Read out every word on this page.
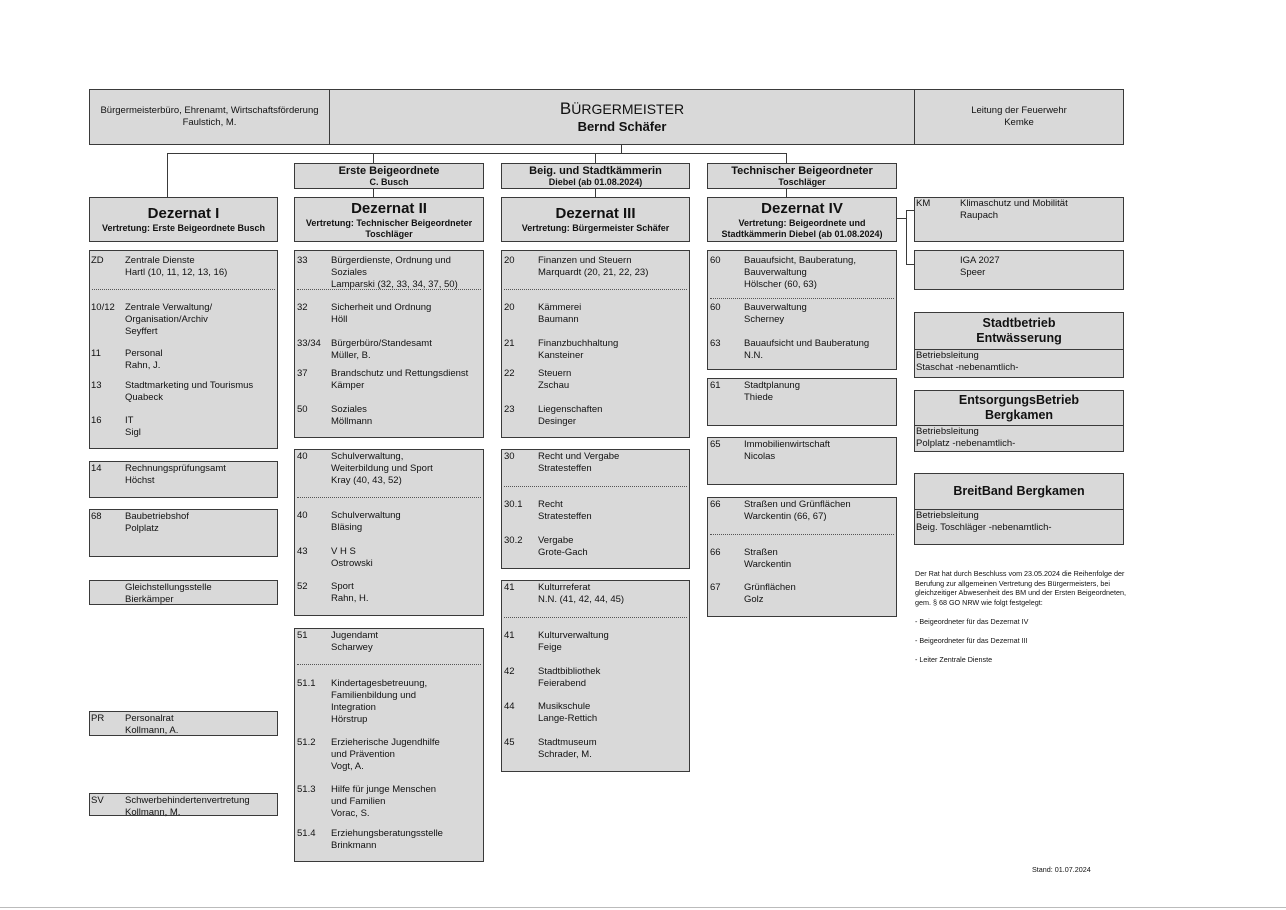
Bürgermeisterbüro, Ehrenamt, Wirtschaftsförderung
Faulstich, M.
BÜRGERMEISTER
Bernd Schäfer
Leitung der Feuerwehr
Kemke
Erste Beigeordnete
C. Busch
Beig. und Stadtkämmerin
Diebel (ab 01.08.2024)
Technischer Beigeordneter
Toschläger
Dezernat I
Vertretung: Erste Beigeordnete Busch
Dezernat II
Vertretung: Technischer Beigeordneter
Toschläger
Dezernat III
Vertretung: Bürgermeister Schäfer
Dezernat IV
Vertretung: Beigeordnete und
Stadtkämmerin Diebel (ab 01.08.2024)
ZD Zentrale Dienste
Hartl (10, 11, 12, 13, 16)
10/12 Zentrale Verwaltung/
Organisation/Archiv
Seyffert
11	Personal
Rahn, J.
13 Stadtmarketing und Tourismus
Quabeck
16 IT
Sigl
14 Rechnungsprüfungsamt
Höchst
68 Baubetriebshof
Polplatz
Gleichstellungsstelle
Bierkämper
PR Personalrat
Kollmann, A.
SV Schwerbehindertenvertretung
Kollmann, M.
33 Bürgerdienste, Ordnung und
Soziales
Lamparski (32, 33, 34, 37, 50)
32 Sicherheit und Ordnung
Höll
33/34 Bürgerbüro/Standesamt
Müller, B.
37 Brandschutz und Rettungsdienst
Kämper
50 Soziales
Möllmann
40 Schulverwaltung,
Weiterbildung und Sport
Kray (40, 43, 52)
40 Schulverwaltung
Bläsing
43 V H S
Ostrowski
52 Sport
Rahn, H.
51 Jugendamt
Scharwey
51.1 Kindertagesbetreuung,
Familienbildung und
Integration
Hörstrup
51.2 Erzieherische Jugendhilfe
und Prävention
Vogt, A.
51.3 Hilfe für junge Menschen
und Familien
Vorac, S.
51.4 Erziehungsberatungsstelle
Brinkmann
20 Finanzen und Steuern
Marquardt (20, 21, 22, 23)
20 Kämmerei
Baumann
21 Finanzbuchhaltung
Kansteiner
22 Steuern
Zschau
23 Liegenschaften
Desinger
30 Recht und Vergabe
Stratesteffen
30.1 Recht
Stratesteffen
30.2 Vergabe
Grote-Gach
41 Kulturreferat
N.N. (41, 42, 44, 45)
41 Kulturverwaltung
Feige
42 Stadtbibliothek
Feierabend
44 Musikschule
Lange-Rettich
45 Stadtmuseum
Schrader, M.
60 Bauaufsicht, Bauberatung,
Bauverwaltung
Hölscher (60, 63)
60 Bauverwaltung
Scherney
63 Bauaufsicht und Bauberatung
N.N.
61 Stadtplanung
Thiede
65 Immobilienwirtschaft
Nicolas
66 Straßen und Grünflächen
Warckentin (66, 67)
66 Straßen
Warckentin
67 Grünflächen
Golz
KM	Klimaschutz und Mobilität
Raupach
IGA 2027
Speer
Stadtbetrieb
Entwässerung
Betriebsleitung
Staschat -nebenamtlich-
EntsorgungsBetrieb
Bergkamen
Betriebsleitung
Polplatz -nebenamtlich-
BreitBand Bergkamen
Betriebsleitung
Beig. Toschläger -nebenamtlich-
Der Rat hat durch Beschluss vom 23.05.2024 die Reihenfolge der
Berufung zur allgemeinen Vertretung des Bürgermeisters, bei
gleichzeitiger Abwesenheit des BM und der Ersten Beigeordneten,
gem. § 68 GO NRW wie folgt festgelegt:

- Beigeordneter für das Dezernat IV

- Beigeordneter für das Dezernat III

- Leiter Zentrale Dienste
Stand: 01.07.2024
